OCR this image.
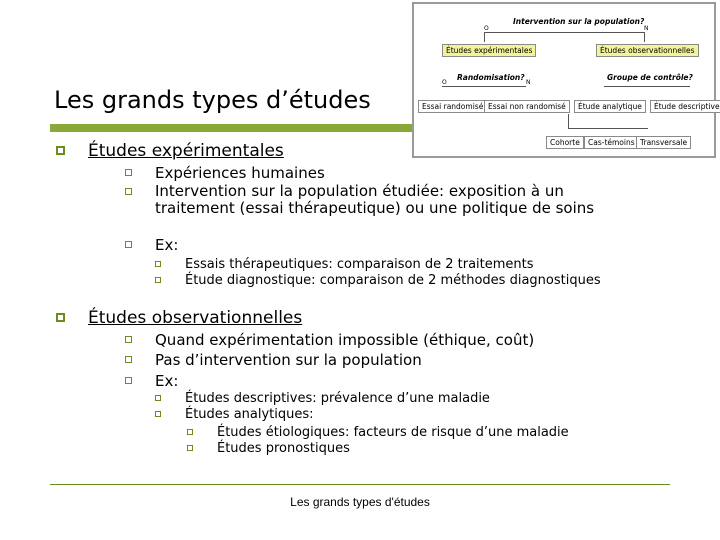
Les grands types d’études
Intervention sur la population?
O	N
Études expérimentales	Études observationnelles
Randomisation?	Groupe de contrôle?
O	N
Essai randomisé Essai non randomisé	Étude analytique	Étude descriptive
Cohorte	Cas-témoins Transversale
Études expérimentales
Expériences humaines
Intervention sur la population étudiée: exposition à un traitement (essai thérapeutique) ou une politique de soins
Ex:
Essais thérapeutiques: comparaison de 2 traitements
Étude diagnostique: comparaison de 2 méthodes diagnostiques
Études observationnelles
Quand expérimentation impossible (éthique, coût)
Pas d’intervention sur la population
Ex:
Études descriptives: prévalence d’une maladie
Études analytiques:
Études étiologiques: facteurs de risque d’une maladie
Études pronostiques
Les grands types d'études
